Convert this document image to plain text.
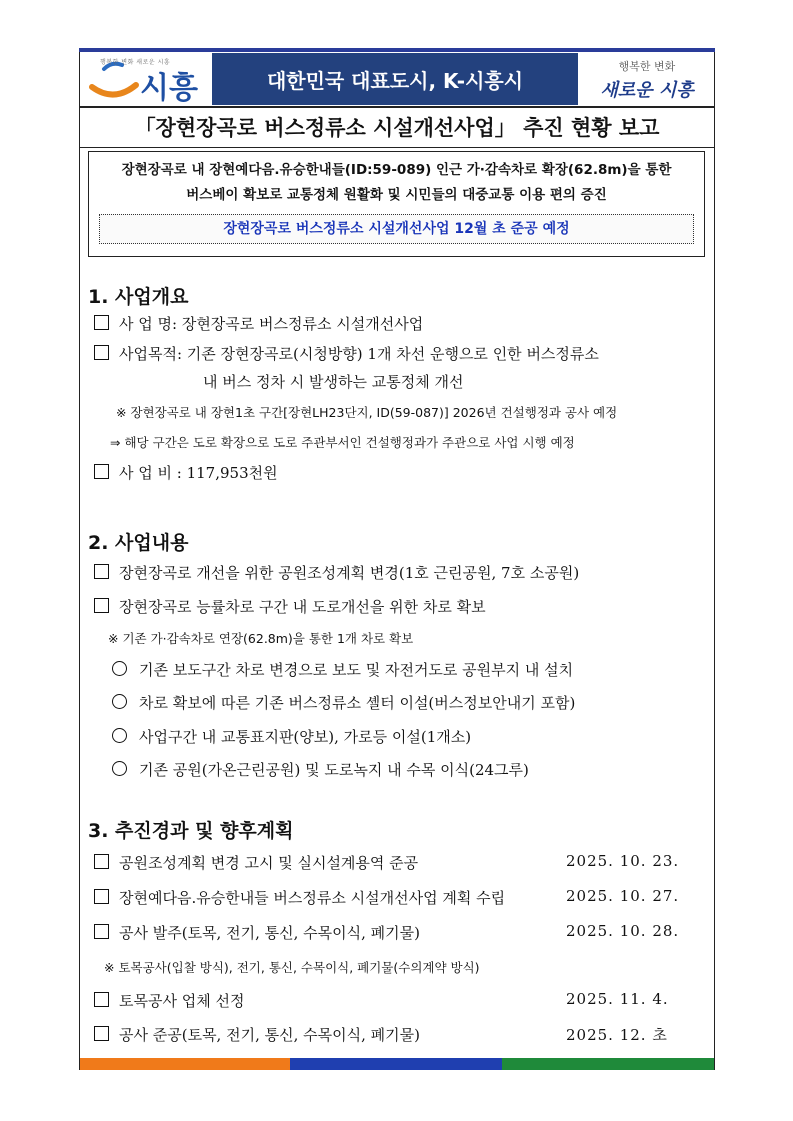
행복한 변화 새로운 시흥
시흥	대한민국 대표도시, K-시흥시
행복한 변화
새로운 시흥
「장현장곡로 버스정류소 시설개선사업」 추진 현황 보고
장현장곡로 내 장현예다음.유승한내들(ID:59-089) 인근 가·감속차로 확장(62.8m)을 통한
버스베이 확보로 교통정체 원활화 및 시민들의 대중교통 이용 편의 증진
장현장곡로 버스정류소 시설개선사업 12월 초 준공 예정
1. 사업개요
사 업 명: 장현장곡로 버스정류소 시설개선사업
사업목적: 기존 장현장곡로(시청방향) 1개 차선 운행으로 인한 버스정류소
내 버스 정차 시 발생하는 교통정체 개선
※ 장현장곡로 내 장현1초 구간[장현LH23단지, ID(59-087)] 2026년 건설행정과 공사 예정
⇒ 해당 구간은 도로 확장으로 도로 주관부서인 건설행정과가 주관으로 사업 시행 예정
사 업 비 : 117,953천원
2. 사업내용
장현장곡로 개선을 위한 공원조성계획 변경(1호 근린공원, 7호 소공원)
장현장곡로 능률차로 구간 내 도로개선을 위한 차로 확보
※ 기존 가·감속차로 연장(62.8m)을 통한 1개 차로 확보
기존 보도구간 차로 변경으로 보도 및 자전거도로 공원부지 내 설치
차로 확보에 따른 기존 버스정류소 셸터 이설(버스정보안내기 포함)
사업구간 내 교통표지판(양보), 가로등 이설(1개소)
기존 공원(가온근린공원) 및 도로녹지 내 수목 이식(24그루)
3. 추진경과 및 향후계획
공원조성계획 변경 고시 및 실시설계용역 준공	2025. 10. 23.
장현예다음.유승한내들 버스정류소 시설개선사업 계획 수립	2025. 10. 27.
공사 발주(토목, 전기, 통신, 수목이식, 폐기물)	2025. 10. 28.
※ 토목공사(입찰 방식), 전기, 통신, 수목이식, 폐기물(수의계약 방식)
토목공사 업체 선정	2025. 11. 4.
공사 준공(토목, 전기, 통신, 수목이식, 폐기물)	2025. 12. 초
